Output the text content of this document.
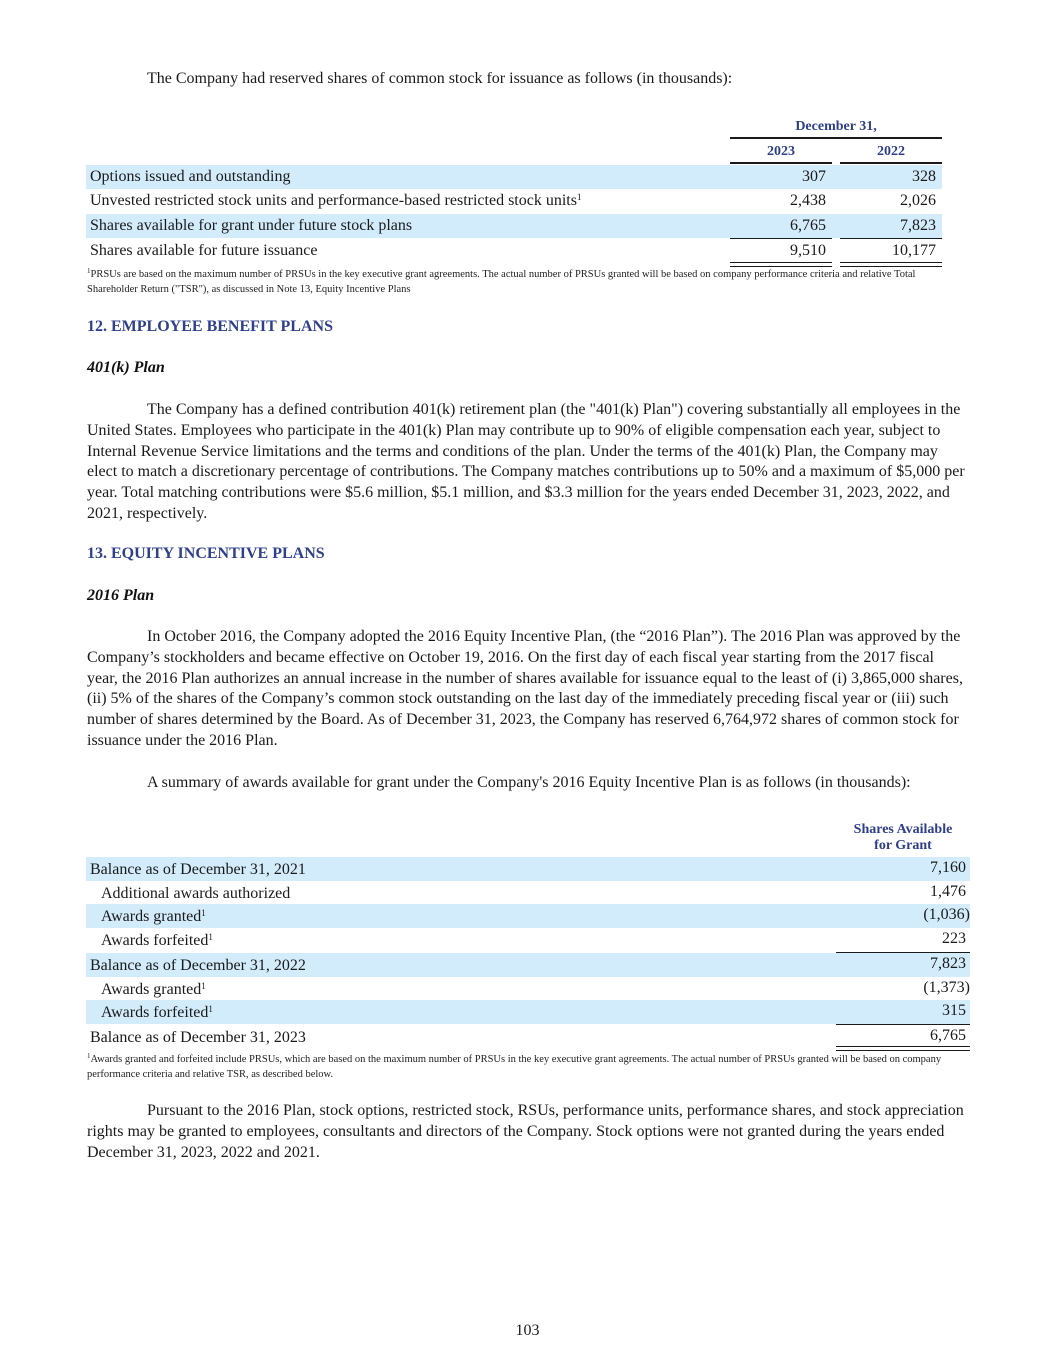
The Company had reserved shares of common stock for issuance as follows (in thousands):

December 31,
2023	2022
Options issued and outstanding	307	328
Unvested restricted stock units and performance-based restricted stock units$^1$	2,438	2,026
Shares available for grant under future stock plans	6,765	7,823
Shares available for future issuance	9,510	10,177

$^1$PRSUs are based on the maximum number of PRSUs in the key executive grant agreements. The actual number of PRSUs granted will be based on company performance criteria and relative Total Shareholder Return ("TSR"), as discussed in Note 13, Equity Incentive Plans

12. EMPLOYEE BENEFIT PLANS
401(k) Plan

The Company has a defined contribution 401(k) retirement plan (the "401(k) Plan") covering substantially all employees in the United States. Employees who participate in the 401(k) Plan may contribute up to 90% of eligible compensation each year, subject to Internal Revenue Service limitations and the terms and conditions of the plan. Under the terms of the 401(k) Plan, the Company may elect to match a discretionary percentage of contributions. The Company matches contributions up to 50% and a maximum of $5,000 per year. Total matching contributions were $5.6 million, $5.1 million, and $3.3 million for the years ended December 31, 2023, 2022, and 2021, respectively.

13. EQUITY INCENTIVE PLANS
2016 Plan

In October 2016, the Company adopted the 2016 Equity Incentive Plan, (the “2016 Plan”). The 2016 Plan was approved by the Company’s stockholders and became effective on October 19, 2016. On the first day of each fiscal year starting from the 2017 fiscal year, the 2016 Plan authorizes an annual increase in the number of shares available for issuance equal to the least of (i) 3,865,000 shares, (ii) 5% of the shares of the Company’s common stock outstanding on the last day of the immediately preceding fiscal year or (iii) such number of shares determined by the Board. As of December 31, 2023, the Company has reserved 6,764,972 shares of common stock for issuance under the 2016 Plan.

A summary of awards available for grant under the Company's 2016 Equity Incentive Plan is as follows (in thousands):

Shares Available
for Grant
Balance as of December 31, 2021	7,160
Additional awards authorized	1,476
Awards granted$^1$	(1,036)
Awards forfeited$^1$	223
Balance as of December 31, 2022	7,823
Awards granted$^1$	(1,373)
Awards forfeited$^1$	315
Balance as of December 31, 2023	6,765

$^1$Awards granted and forfeited include PRSUs, which are based on the maximum number of PRSUs in the key executive grant agreements. The actual number of PRSUs granted will be based on company performance criteria and relative TSR, as described below.

Pursuant to the 2016 Plan, stock options, restricted stock, RSUs, performance units, performance shares, and stock appreciation rights may be granted to employees, consultants and directors of the Company. Stock options were not granted during the years ended December 31, 2023, 2022 and 2021.

103
